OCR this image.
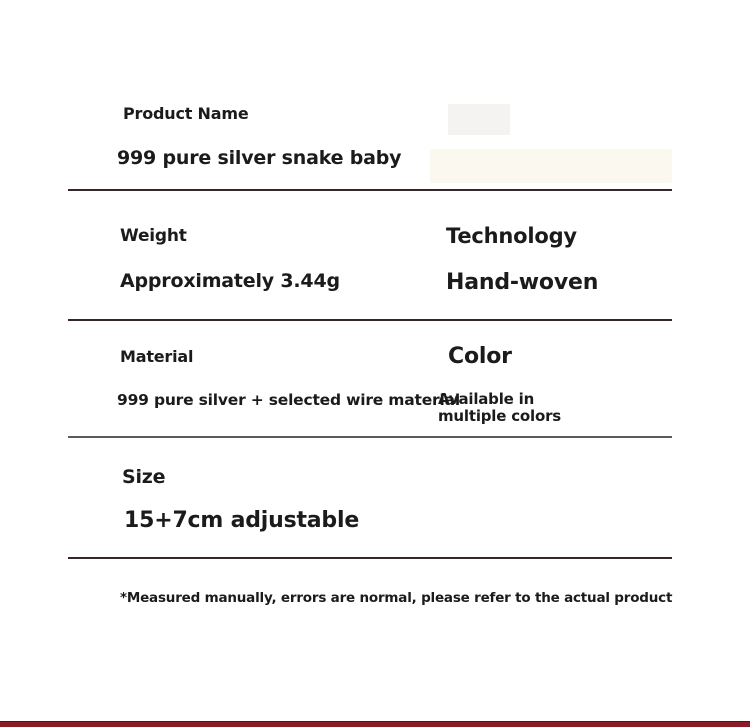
Product Name
999 pure silver snake baby
Weight
Approximately 3.44g
Technology
Hand-woven
Material
999 pure silver + selected wire material
Color
Available in multiple colors
Size
15+7cm adjustable
*Measured manually, errors are normal, please refer to the actual product
